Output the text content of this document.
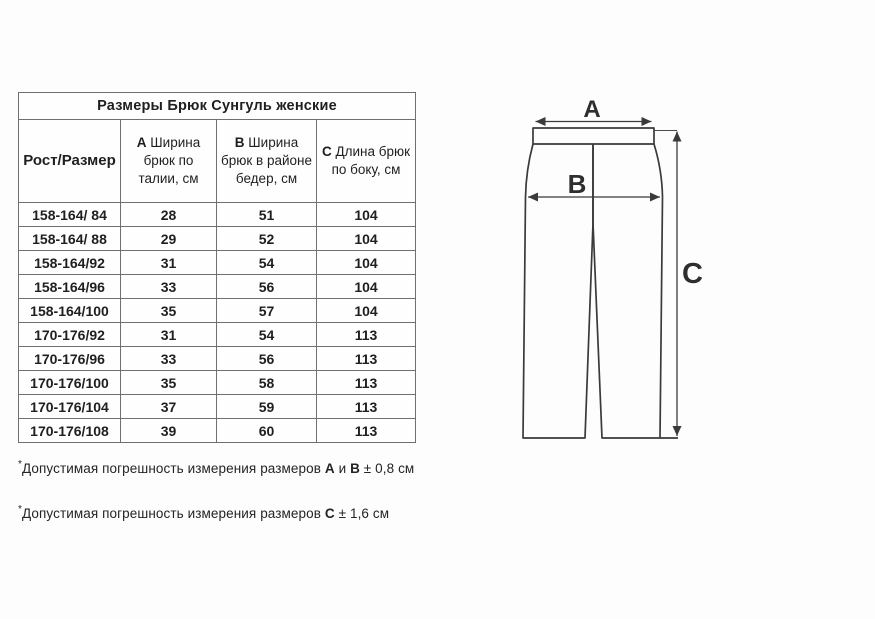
Размеры Брюк Сунгуль женские			
Рост/Размер	A Ширина брюк по талии, см	B Ширина брюк в районе бедер, см	C Длина брюк по боку, см
158-164/ 84	28	51	104
158-164/ 88	29	52	104
158-164/92	31	54	104
158-164/96	33	56	104
158-164/100	35	57	104
170-176/92	31	54	113
170-176/96	33	56	113
170-176/100	35	58	113
170-176/104	37	59	113
170-176/108	39	60	113

*Допустимая погрешность измерения размеров A и B ± 0,8 см

*Допустимая погрешность измерения размеров C ± 1,6 см

A
B
C
